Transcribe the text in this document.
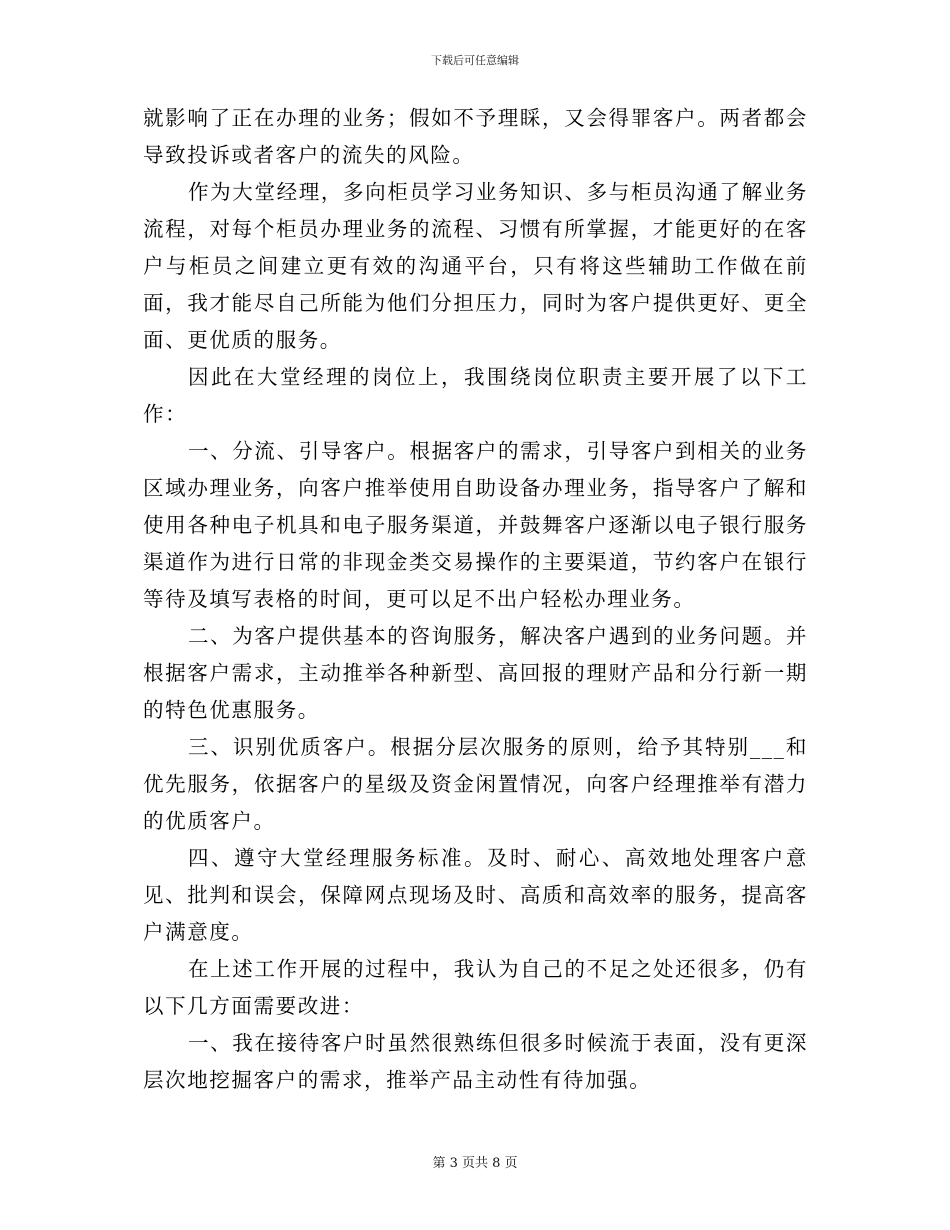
下载后可任意编辑

就影响了正在办理的业务；假如不予理睬，又会得罪客户。两者都会导致投诉或者客户的流失的风险。

作为大堂经理，多向柜员学习业务知识、多与柜员沟通了解业务流程，对每个柜员办理业务的流程、习惯有所掌握，才能更好的在客户与柜员之间建立更有效的沟通平台，只有将这些辅助工作做在前面，我才能尽自己所能为他们分担压力，同时为客户提供更好、更全面、更优质的服务。

因此在大堂经理的岗位上，我围绕岗位职责主要开展了以下工作：

一、分流、引导客户。根据客户的需求，引导客户到相关的业务区域办理业务，向客户推举使用自助设备办理业务，指导客户了解和使用各种电子机具和电子服务渠道，并鼓舞客户逐渐以电子银行服务渠道作为进行日常的非现金类交易操作的主要渠道，节约客户在银行等待及填写表格的时间，更可以足不出户轻松办理业务。

二、为客户提供基本的咨询服务，解决客户遇到的业务问题。并根据客户需求，主动推举各种新型、高回报的理财产品和分行新一期的特色优惠服务。

三、识别优质客户。根据分层次服务的原则，给予其特别___和优先服务，依据客户的星级及资金闲置情况，向客户经理推举有潜力的优质客户。

四、遵守大堂经理服务标准。及时、耐心、高效地处理客户意见、批判和误会，保障网点现场及时、高质和高效率的服务，提高客户满意度。

在上述工作开展的过程中，我认为自己的不足之处还很多，仍有以下几方面需要改进：

一、我在接待客户时虽然很熟练但很多时候流于表面，没有更深层次地挖掘客户的需求，推举产品主动性有待加强。

第 3 页共 8 页
